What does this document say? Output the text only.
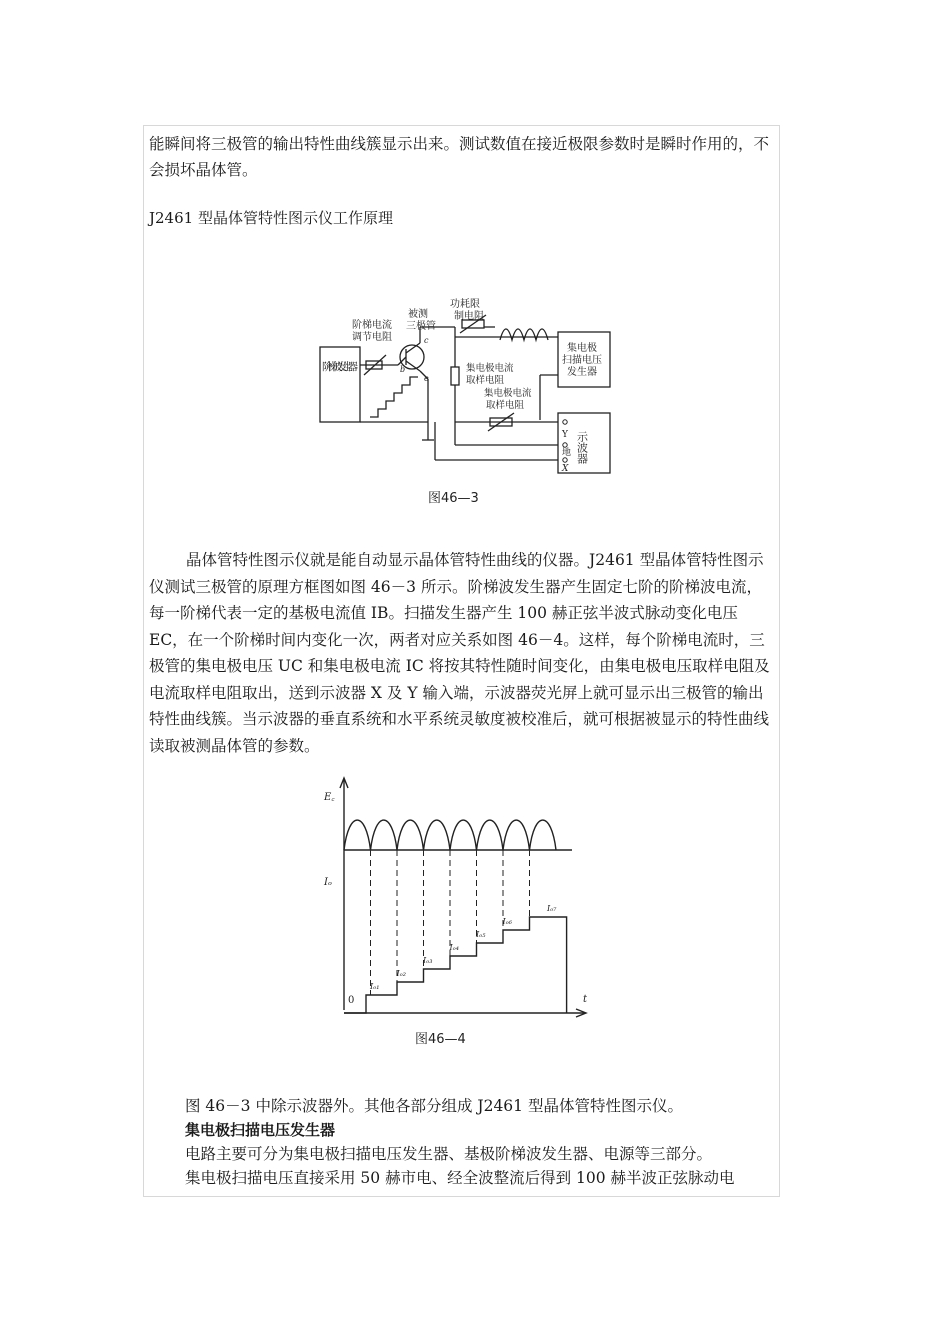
能瞬间将三极管的输出特性曲线簇显示出来。测试数值在接近极限参数时是瞬时作用的，不会损坏晶体管。

J2461 型晶体管特性图示仪工作原理

阶梯波发生器
阶梯电流
调节电阻
被测
三极管
功耗限
制电阻
集电极电流
取样电阻
集电极电流
取样电阻
集电极
扫描电压
发生器
示波器
b
c
e
Y
地
X
图46—3

晶体管特性图示仪就是能自动显示晶体管特性曲线的仪器。J2461 型晶体管特性图示仪测试三极管的原理方框图如图 46－3 所示。阶梯波发生器产生固定七阶的阶梯波电流，每一阶梯代表一定的基极电流值 IB。扫描发生器产生 100 赫正弦半波式脉动变化电压 EC，在一个阶梯时间内变化一次，两者对应关系如图 46－4。这样，每个阶梯电流时，三极管的集电极电压 UC 和集电极电流 IC 将按其特性随时间变化，由集电极电压取样电阻及电流取样电阻取出，送到示波器 X 及 Y 输入端，示波器荧光屏上就可显示出三极管的输出特性曲线簇。当示波器的垂直系统和水平系统灵敏度被校准后，就可根据被显示的特性曲线读取被测晶体管的参数。

E꜀
Iₒ
0	t
Iₒ₁
Iₒ₂
Iₒ₃
Iₒ₄
Iₒ₅
Iₒ₆
Iₒ₇
图46—4

图 46－3 中除示波器外。其他各部分组成 J2461 型晶体管特性图示仪。

集电极扫描电压发生器

电路主要可分为集电极扫描电压发生器、基极阶梯波发生器、电源等三部分。

集电极扫描电压直接采用 50 赫市电、经全波整流后得到 100 赫半波正弦脉动电
